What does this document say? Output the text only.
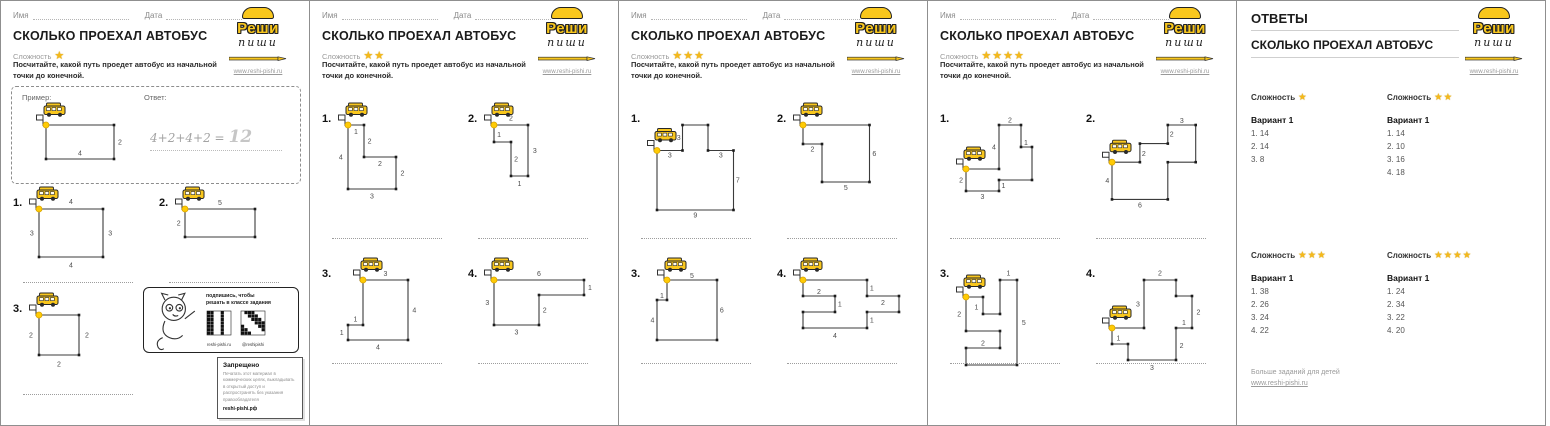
Имя	Дата
Реши
пиши
www.reshi-pishi.ru
СКОЛЬКО ПРОЕХАЛ АВТОБУС
Сложность ★
Посчитайте, какой путь проедет автобус из начальной точки до конечной.
Пример:	Ответ:
4
2 4+2+4+2 = 12
1.	4
3	3
4
2.	5
2
3.
2	2
2
подпишись, чтобы
решать в классе задания
reshi-pishi.ru	@reshipishi
Запрещено
Печатать этот материал в коммерческих целях, выкладывать в открытый доступ и распространять без указания правообладателя
reshi-pishi.рф
Имя	Дата
Реши
пиши
www.reshi-pishi.ru
СКОЛЬКО ПРОЕХАЛ АВТОБУС
Сложность ★★
Посчитайте, какой путь проедет автобус из начальной точки до конечной.
1.
1
2
4
2
2
3
2.	2
3
1
2
1
3.	3
4
4
1
1
4.	6
1
2
3
3
Имя	Дата
Реши
пиши
www.reshi-pishi.ru
СКОЛЬКО ПРОЕХАЛ АВТОБУС
Сложность ★★★
Посчитайте, какой путь проедет автобус из начальной точки до конечной.
1.
3
3
3
7
9
2.
2
6
5
3.	5
6
1
4
4.
1
2
1
2
1
4
Имя	Дата
Реши
пиши
www.reshi-pishi.ru
СКОЛЬКО ПРОЕХАЛ АВТОБУС
Сложность ★★★★
Посчитайте, какой путь проедет автобус из начальной точки до конечной.
1.	2
4
1
1
3
2
2.
2
2
3
4
6
3.
1
1
2
5
2
4.	2
3
1
2
2
3
1
ОТВЕТЫ
СКОЛЬКО ПРОЕХАЛ АВТОБУС
Реши
пиши
www.reshi-pishi.ru
Сложность ★
Вариант 1
1. 14
2. 14
3. 8
Сложность ★★
Вариант 1
1. 14
2. 10
3. 16
4. 18
Сложность ★★★
Вариант 1
1. 38
2. 26
3. 24
4. 22
Сложность ★★★★
Вариант 1
1. 24
2. 34
3. 22
4. 20
Больше заданий для детей
www.reshi-pishi.ru
